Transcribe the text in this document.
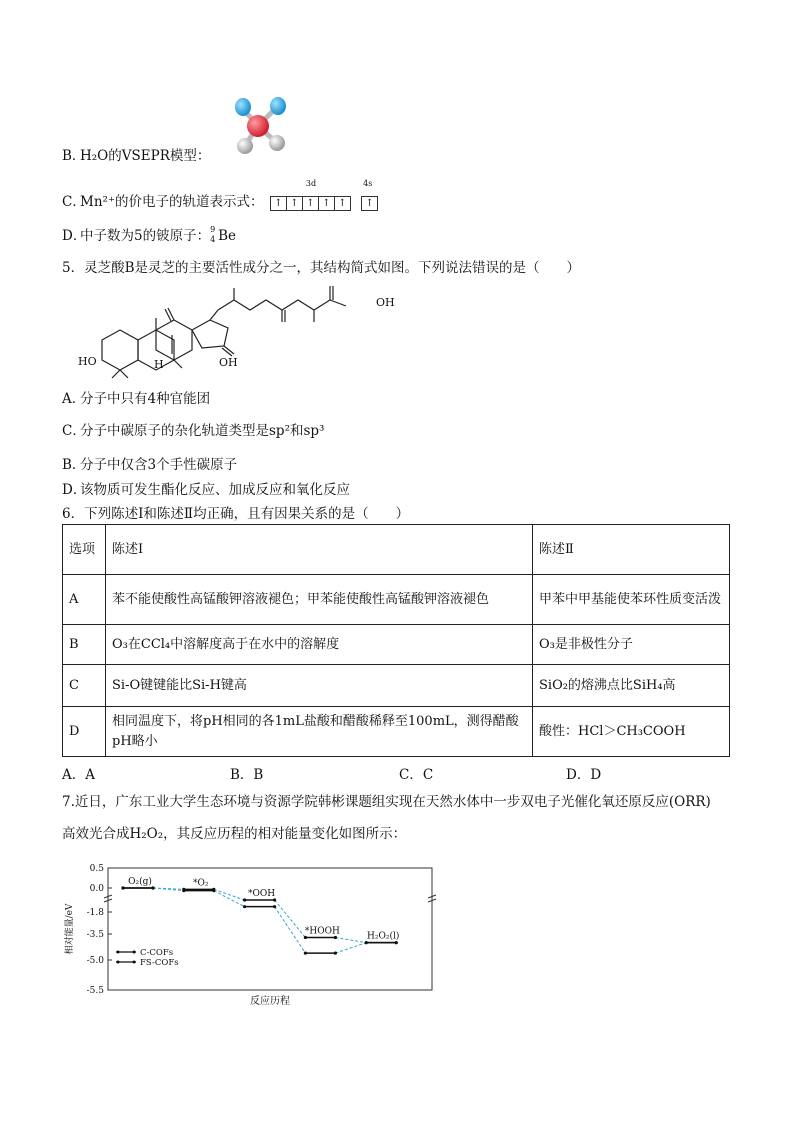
B．H₂O的VSEPR模型：
C．Mn²⁺的价电子的轨道表示式：
3d
↑ ↑ ↑ ↑ ↑
4s
↑
D．中子数为5的铍原子： 9
4 Be
5．灵芝酸B是灵芝的主要活性成分之一，其结构简式如图。下列说法错误的是（　　）
OH
HO	H	OH
A．分子中只有4种官能团
C．分子中碳原子的杂化轨道类型是sp²和sp³
B．分子中仅含3个手性碳原子
D．该物质可发生酯化反应、加成反应和氧化反应
6．下列陈述Ⅰ和陈述Ⅱ均正确，且有因果关系的是（　　）
选项	陈述Ⅰ	陈述Ⅱ
A	苯不能使酸性高锰酸钾溶液褪色；甲苯能使酸性高锰酸钾溶液褪色	甲苯中甲基能使苯环性质变活泼
B	O₃在CCl₄中溶解度高于在水中的溶解度	O₃是非极性分子
C	Si-O键键能比Si-H键高	SiO₂的熔沸点比SiH₄高
D	相同温度下，将pH相同的各1mL盐酸和醋酸稀释至100mL，测得醋酸pH略小	酸性：HCl＞CH₃COOH
A．A	B．B	C．C	D．D
7.近日，广东工业大学生态环境与资源学院韩彬课题组实现在天然水体中一步双电子光催化氧还原反应(ORR)
高效光合成H₂O₂，其反应历程的相对能量变化如图所示：
0.5
0.0
-1.8
-3.5
-5.0
-5.5
相对能量/eV
反应历程
O₂(g)	*O₂
*OOH
*HOOH
H₂O₂(l)
C-COFs
FS-COFs
